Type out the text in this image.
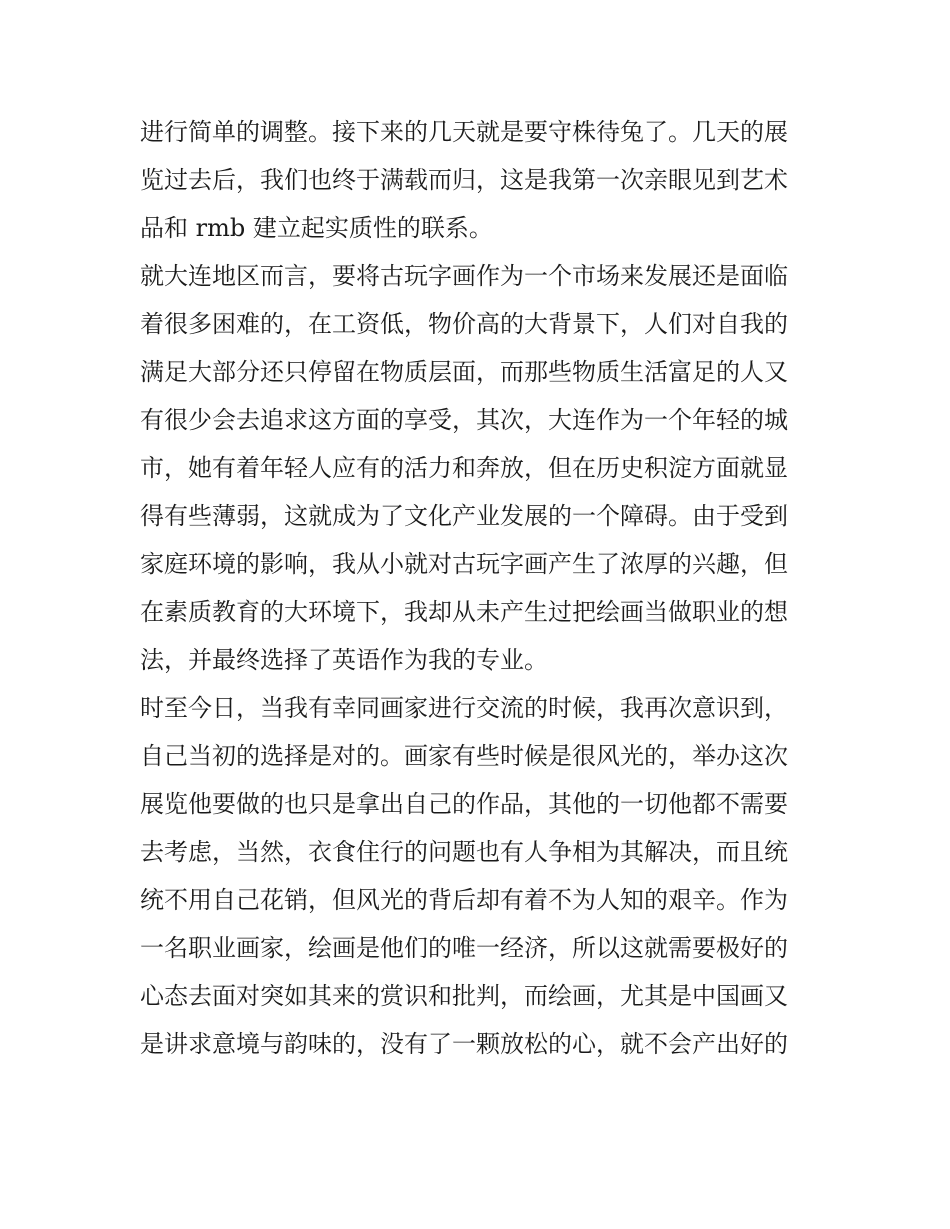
进行简单的调整。接下来的几天就是要守株待兔了。几天的展
览过去后，我们也终于满载而归，这是我第一次亲眼见到艺术
品和 rmb 建立起实质性的联系。
就大连地区而言，要将古玩字画作为一个市场来发展还是面临
着很多困难的，在工资低，物价高的大背景下，人们对自我的
满足大部分还只停留在物质层面，而那些物质生活富足的人又
有很少会去追求这方面的享受，其次，大连作为一个年轻的城
市，她有着年轻人应有的活力和奔放，但在历史积淀方面就显
得有些薄弱，这就成为了文化产业发展的一个障碍。由于受到
家庭环境的影响，我从小就对古玩字画产生了浓厚的兴趣，但
在素质教育的大环境下，我却从未产生过把绘画当做职业的想
法，并最终选择了英语作为我的专业。
时至今日，当我有幸同画家进行交流的时候，我再次意识到，
自己当初的选择是对的。画家有些时候是很风光的，举办这次
展览他要做的也只是拿出自己的作品，其他的一切他都不需要
去考虑，当然，衣食住行的问题也有人争相为其解决，而且统
统不用自己花销，但风光的背后却有着不为人知的艰辛。作为
一名职业画家，绘画是他们的唯一经济，所以这就需要极好的
心态去面对突如其来的赏识和批判，而绘画，尤其是中国画又
是讲求意境与韵味的，没有了一颗放松的心，就不会产出好的
